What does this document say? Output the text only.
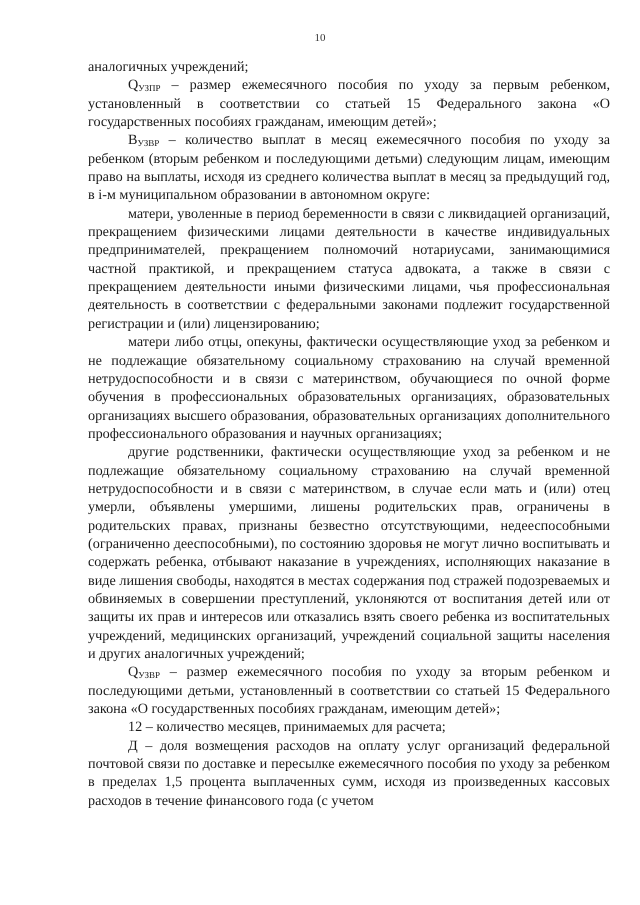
10

аналогичных учреждений;

$Q_{УЗПР}$ – размер ежемесячного пособия по уходу за первым ребенком, установленный в соответствии со статьей 15 Федерального закона «О государственных пособиях гражданам, имеющим детей»;

$B_{УЗВР}$ – количество выплат в месяц ежемесячного пособия по уходу за ребенком (вторым ребенком и последующими детьми) следующим лицам, имеющим право на выплаты, исходя из среднего количества выплат в месяц за предыдущий год, в i-м муниципальном образовании в автономном округе:

матери, уволенные в период беременности в связи с ликвидацией организаций, прекращением физическими лицами деятельности в качестве индивидуальных предпринимателей, прекращением полномочий нотариусами, занимающимися частной практикой, и прекращением статуса адвоката, а также в связи с прекращением деятельности иными физическими лицами, чья профессиональная деятельность в соответствии с федеральными законами подлежит государственной регистрации и (или) лицензированию;

матери либо отцы, опекуны, фактически осуществляющие уход за ребенком и не подлежащие обязательному социальному страхованию на случай временной нетрудоспособности и в связи с материнством, обучающиеся по очной форме обучения в профессиональных образовательных организациях, образовательных организациях высшего образования, образовательных организациях дополнительного профессионального образования и научных организациях;

другие родственники, фактически осуществляющие уход за ребенком и не подлежащие обязательному социальному страхованию на случай временной нетрудоспособности и в связи с материнством, в случае если мать и (или) отец умерли, объявлены умершими, лишены родительских прав, ограничены в родительских правах, признаны безвестно отсутствующими, недееспособными (ограниченно дееспособными), по состоянию здоровья не могут лично воспитывать и содержать ребенка, отбывают наказание в учреждениях, исполняющих наказание в виде лишения свободы, находятся в местах содержания под стражей подозреваемых и обвиняемых в совершении преступлений, уклоняются от воспитания детей или от защиты их прав и интересов или отказались взять своего ребенка из воспитательных учреждений, медицинских организаций, учреждений социальной защиты населения и других аналогичных учреждений;

$Q_{УЗВР}$ – размер ежемесячного пособия по уходу за вторым ребенком и последующими детьми, установленный в соответствии со статьей 15 Федерального закона «О государственных пособиях гражданам, имеющим детей»;

12 – количество месяцев, принимаемых для расчета;

Д – доля возмещения расходов на оплату услуг организаций федеральной почтовой связи по доставке и пересылке ежемесячного пособия по уходу за ребенком в пределах 1,5 процента выплаченных сумм, исходя из произведенных кассовых расходов в течение финансового года (с учетом
